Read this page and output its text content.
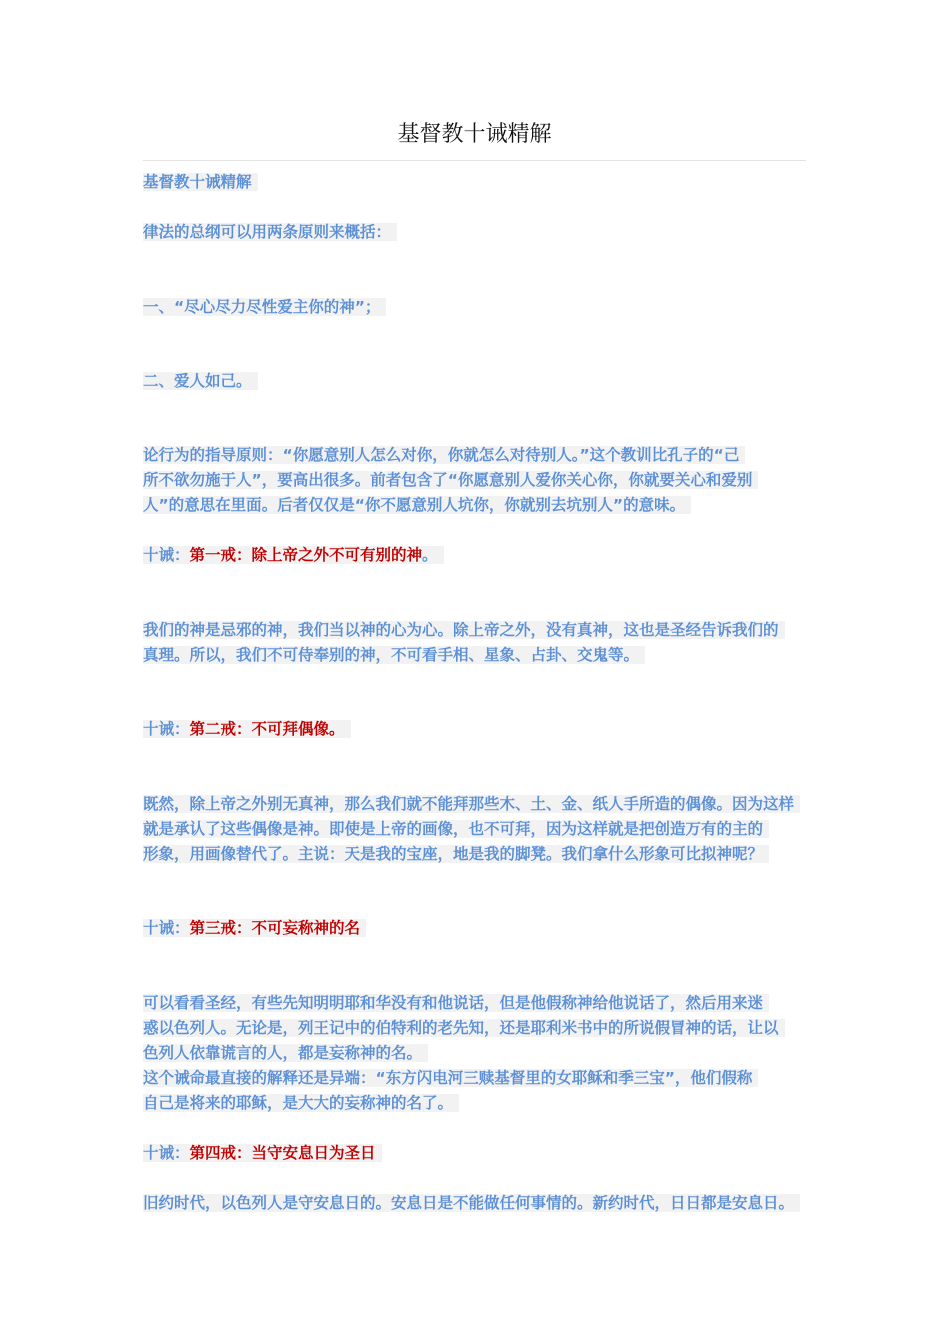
基督教十诫精解

基督教十诫精解

律法的总纲可以用两条原则来概括：

一、“尽心尽力尽性爱主你的神”；

二、爱人如己。

论行为的指导原则：“你愿意别人怎么对你，你就怎么对待别人。”这个教训比孔子的“己

所不欲勿施于人”，要高出很多。前者包含了“你愿意别人爱你关心你，你就要关心和爱别

人”的意思在里面。后者仅仅是“你不愿意别人坑你，你就别去坑别人”的意味。

十诫：第一戒：除上帝之外不可有别的神。

我们的神是忌邪的神，我们当以神的心为心。除上帝之外，没有真神，这也是圣经告诉我们的

真理。所以，我们不可侍奉别的神，不可看手相、星象、占卦、交鬼等。

十诫：第二戒：不可拜偶像。

既然，除上帝之外别无真神，那么我们就不能拜那些木、土、金、纸人手所造的偶像。因为这样

就是承认了这些偶像是神。即使是上帝的画像，也不可拜，因为这样就是把创造万有的主的

形象，用画像替代了。主说：天是我的宝座，地是我的脚凳。我们拿什么形象可比拟神呢？

十诫：第三戒：不可妄称神的名

可以看看圣经，有些先知明明耶和华没有和他说话，但是他假称神给他说话了，然后用来迷

惑以色列人。无论是，列王记中的伯特利的老先知，还是耶利米书中的所说假冒神的话，让以

色列人依靠谎言的人，都是妄称神的名。

这个诫命最直接的解释还是异端：“东方闪电河三赎基督里的女耶稣和季三宝”，他们假称

自己是将来的耶稣，是大大的妄称神的名了。

十诫：第四戒：当守安息日为圣日

旧约时代，以色列人是守安息日的。安息日是不能做任何事情的。新约时代，日日都是安息日。
